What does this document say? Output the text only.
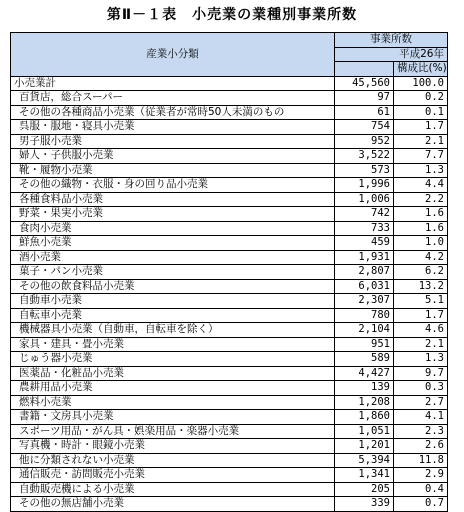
第Ⅱ－１表　小売業の業種別事業所数
産業小分類	事業所数	
	平成26年	
		構成比(%)
小売業計	45,560	100.0
百貨店，総合スーパー	97	0.2
その他の各種商品小売業（従業者が常時50人未満のもの	61	0.1
呉服・服地・寝具小売業	754	1.7
男子服小売業	952	2.1
婦人・子供服小売業	3,522	7.7
靴・履物小売業	573	1.3
その他の織物・衣服・身の回り品小売業	1,996	4.4
各種食料品小売業	1,006	2.2
野菜・果実小売業	742	1.6
食肉小売業	733	1.6
鮮魚小売業	459	1.0
酒小売業	1,931	4.2
菓子・パン小売業	2,807	6.2
その他の飲食料品小売業	6,031	13.2
自動車小売業	2,307	5.1
自転車小売業	780	1.7
機械器具小売業（自動車，自転車を除く）	2,104	4.6
家具・建具・畳小売業	951	2.1
じゅう器小売業	589	1.3
医薬品・化粧品小売業	4,427	9.7
農耕用品小売業	139	0.3
燃料小売業	1,208	2.7
書籍・文房具小売業	1,860	4.1
スポーツ用品・がん具・娯楽用品・楽器小売業	1,051	2.3
写真機・時計・眼鏡小売業	1,201	2.6
他に分類されない小売業	5,394	11.8
通信販売・訪問販売小売業	1,341	2.9
自動販売機による小売業	205	0.4
その他の無店舗小売業	339	0.7
